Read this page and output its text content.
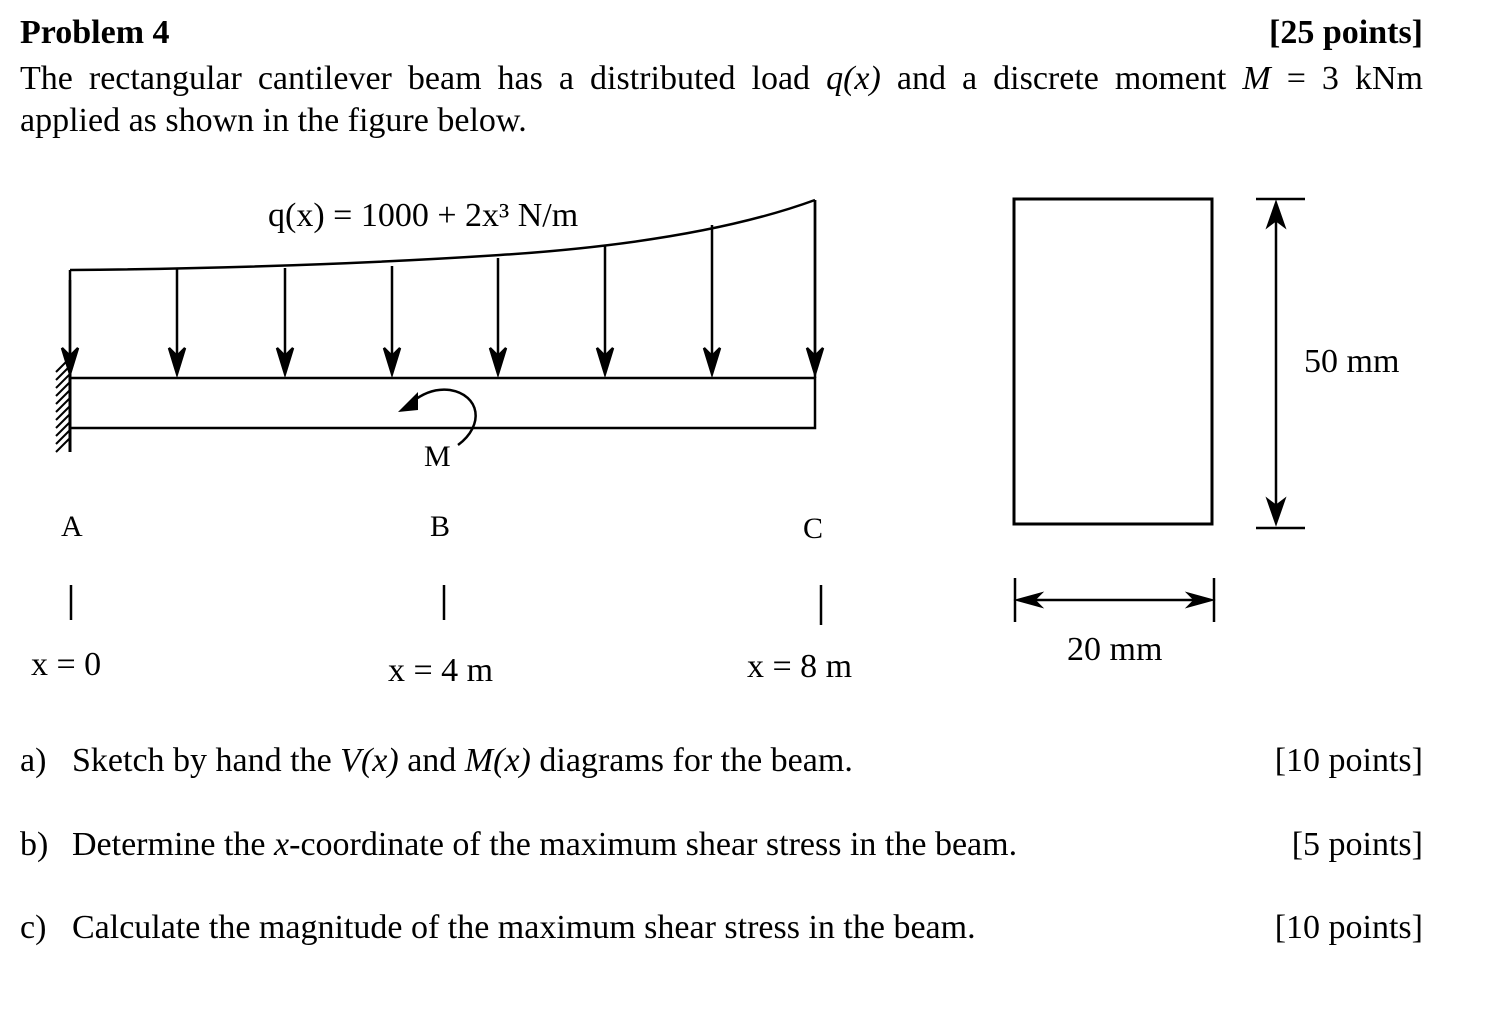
Problem 4	[25 points]
The rectangular cantilever beam has a distributed load q(x) and a discrete moment M = 3 kNm
applied as shown in the figure below.
q(x) = 1000 + 2x³ N/m
M
A	B	C
x = 0	x = 4 m	x = 8 m
50 mm
20 mm
a) Sketch by hand the V(x) and M(x) diagrams for the beam.	[10 points]
b) Determine the x-coordinate of the maximum shear stress in the beam.	[5 points]
c) Calculate the magnitude of the maximum shear stress in the beam.	[10 points]
